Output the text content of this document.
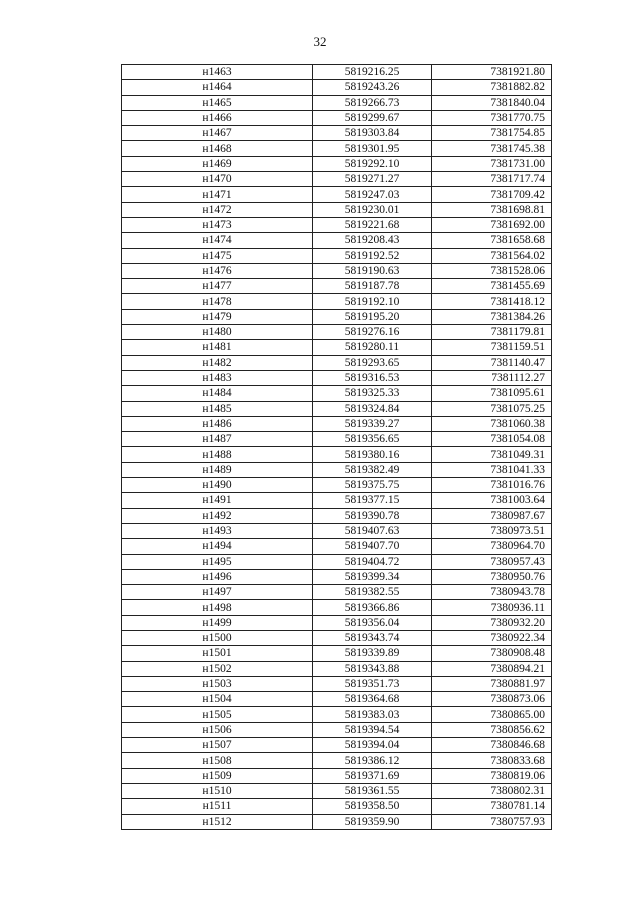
32
н1463	5819216.25	7381921.80
н1464	5819243.26	7381882.82
н1465	5819266.73	7381840.04
н1466	5819299.67	7381770.75
н1467	5819303.84	7381754.85
н1468	5819301.95	7381745.38
н1469	5819292.10	7381731.00
н1470	5819271.27	7381717.74
н1471	5819247.03	7381709.42
н1472	5819230.01	7381698.81
н1473	5819221.68	7381692.00
н1474	5819208.43	7381658.68
н1475	5819192.52	7381564.02
н1476	5819190.63	7381528.06
н1477	5819187.78	7381455.69
н1478	5819192.10	7381418.12
н1479	5819195.20	7381384.26
н1480	5819276.16	7381179.81
н1481	5819280.11	7381159.51
н1482	5819293.65	7381140.47
н1483	5819316.53	7381112.27
н1484	5819325.33	7381095.61
н1485	5819324.84	7381075.25
н1486	5819339.27	7381060.38
н1487	5819356.65	7381054.08
н1488	5819380.16	7381049.31
н1489	5819382.49	7381041.33
н1490	5819375.75	7381016.76
н1491	5819377.15	7381003.64
н1492	5819390.78	7380987.67
н1493	5819407.63	7380973.51
н1494	5819407.70	7380964.70
н1495	5819404.72	7380957.43
н1496	5819399.34	7380950.76
н1497	5819382.55	7380943.78
н1498	5819366.86	7380936.11
н1499	5819356.04	7380932.20
н1500	5819343.74	7380922.34
н1501	5819339.89	7380908.48
н1502	5819343.88	7380894.21
н1503	5819351.73	7380881.97
н1504	5819364.68	7380873.06
н1505	5819383.03	7380865.00
н1506	5819394.54	7380856.62
н1507	5819394.04	7380846.68
н1508	5819386.12	7380833.68
н1509	5819371.69	7380819.06
н1510	5819361.55	7380802.31
н1511	5819358.50	7380781.14
н1512	5819359.90	7380757.93
